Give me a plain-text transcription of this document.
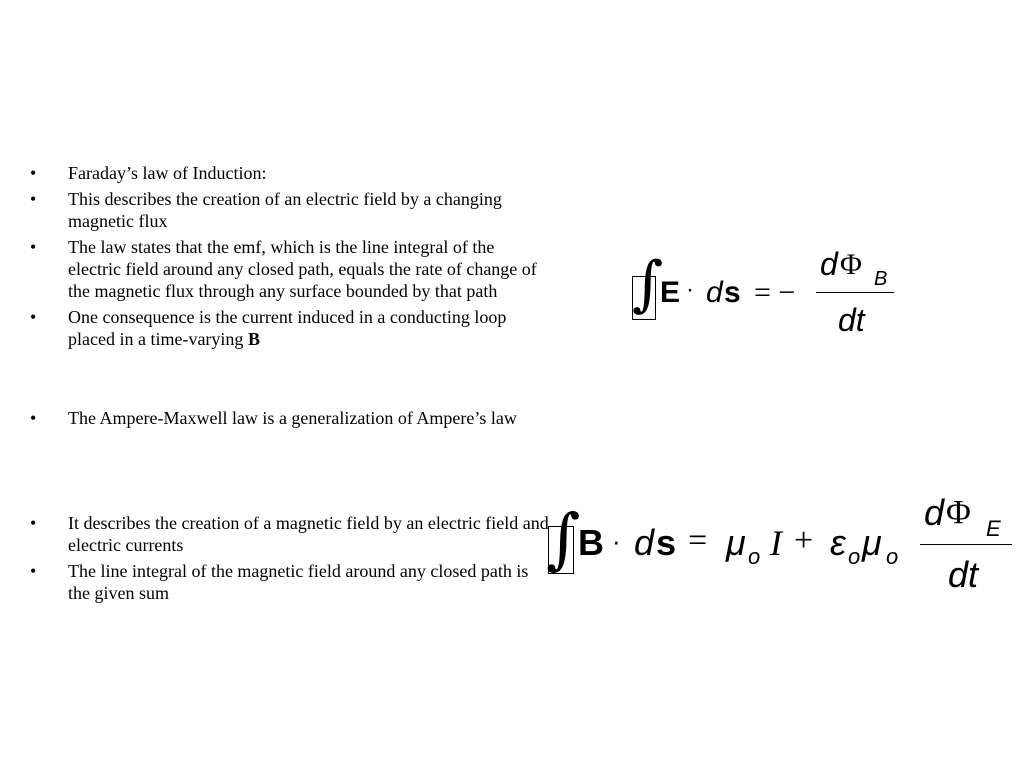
• Faraday’s law of Induction:
• This describes the creation of an electric field by a changing magnetic flux
• The law states that the emf, which is the line integral of the electric field around any closed path, equals the rate of change of the magnetic flux through any surface bounded by that path
• One consequence is the current induced in a conducting loop placed in a time-varying B
• The Ampere-Maxwell law is a generalization of Ampere’s law
• It describes the creation of a magnetic field by an electric field and electric currents
• The line integral of the magnetic field around any closed path is the given sum
∫
E · d s = −
d Φ B
dt
∫
B · d s = μ o I + ε o μ o
d Φ E
dt
